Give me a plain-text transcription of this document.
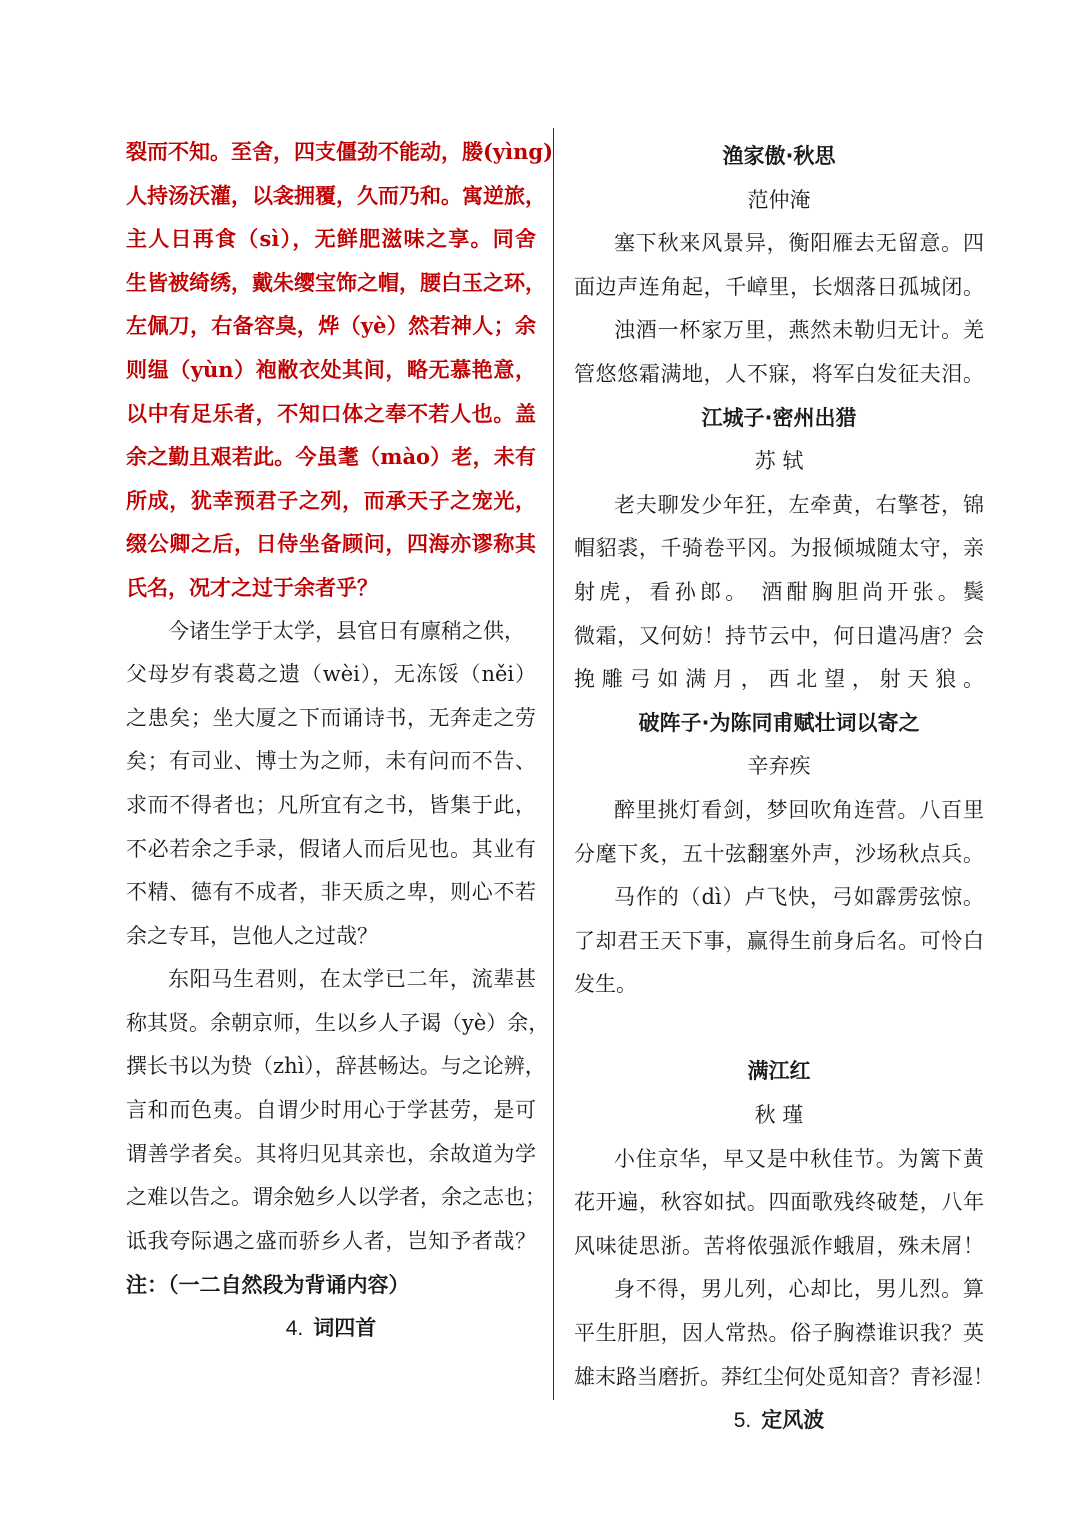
裂而不知。至舍，四支僵劲不能动，媵(yìng)
人持汤沃灌，以衾拥覆，久而乃和。寓逆旅，
主人日再食（sì），无鲜肥滋味之享。同舍
生皆被绮绣，戴朱缨宝饰之帽，腰白玉之环，
左佩刀，右备容臭，烨（yè）然若神人；余
则缊（yùn）袍敝衣处其间，略无慕艳意，
以中有足乐者，不知口体之奉不若人也。盖
余之勤且艰若此。今虽耄（mào）老，未有
所成，犹幸预君子之列，而承天子之宠光，
缀公卿之后，日侍坐备顾问，四海亦谬称其
氏名，况才之过于余者乎？
今诸生学于太学，县官日有廪稍之供，
父母岁有裘葛之遗（wèi），无冻馁（něi）
之患矣；坐大厦之下而诵诗书，无奔走之劳
矣；有司业、博士为之师，未有问而不告、
求而不得者也；凡所宜有之书，皆集于此，
不必若余之手录，假诸人而后见也。其业有
不精、德有不成者，非天质之卑，则心不若
余之专耳，岂他人之过哉？
东阳马生君则，在太学已二年，流辈甚
称其贤。余朝京师，生以乡人子谒（yè）余，
撰长书以为贽（zhì），辞甚畅达。与之论辨，
言和而色夷。自谓少时用心于学甚劳，是可
谓善学者矣。其将归见其亲也，余故道为学
之难以告之。谓余勉乡人以学者，余之志也；
诋我夸际遇之盛而骄乡人者，岂知予者哉？
注：（一二自然段为背诵内容）
4. 词四首
渔家傲·秋思
范仲淹
塞下秋来风景异，衡阳雁去无留意。四
面边声连角起，千嶂里，长烟落日孤城闭。
浊酒一杯家万里，燕然未勒归无计。羌
管悠悠霜满地，人不寐，将军白发征夫泪。
江城子·密州出猎
苏 轼
老夫聊发少年狂，左牵黄，右擎苍，锦
帽貂裘，千骑卷平冈。为报倾城随太守，亲
射虎，看孙郎。 酒酣胸胆尚开张。鬓
微霜，又何妨！持节云中，何日遣冯唐？会
挽雕弓如满月，西北望，射天狼。
破阵子·为陈同甫赋壮词以寄之
辛弃疾
醉里挑灯看剑，梦回吹角连营。八百里
分麾下炙，五十弦翻塞外声，沙场秋点兵。
马作的（dì）卢飞快，弓如霹雳弦惊。
了却君王天下事，赢得生前身后名。可怜白
发生。
满江红
秋 瑾
小住京华，早又是中秋佳节。为篱下黄
花开遍，秋容如拭。四面歌残终破楚，八年
风味徒思浙。苦将侬强派作蛾眉，殊未屑！
身不得，男儿列，心却比，男儿烈。算
平生肝胆，因人常热。俗子胸襟谁识我？英
雄末路当磨折。莽红尘何处觅知音？青衫湿！
5. 定风波
